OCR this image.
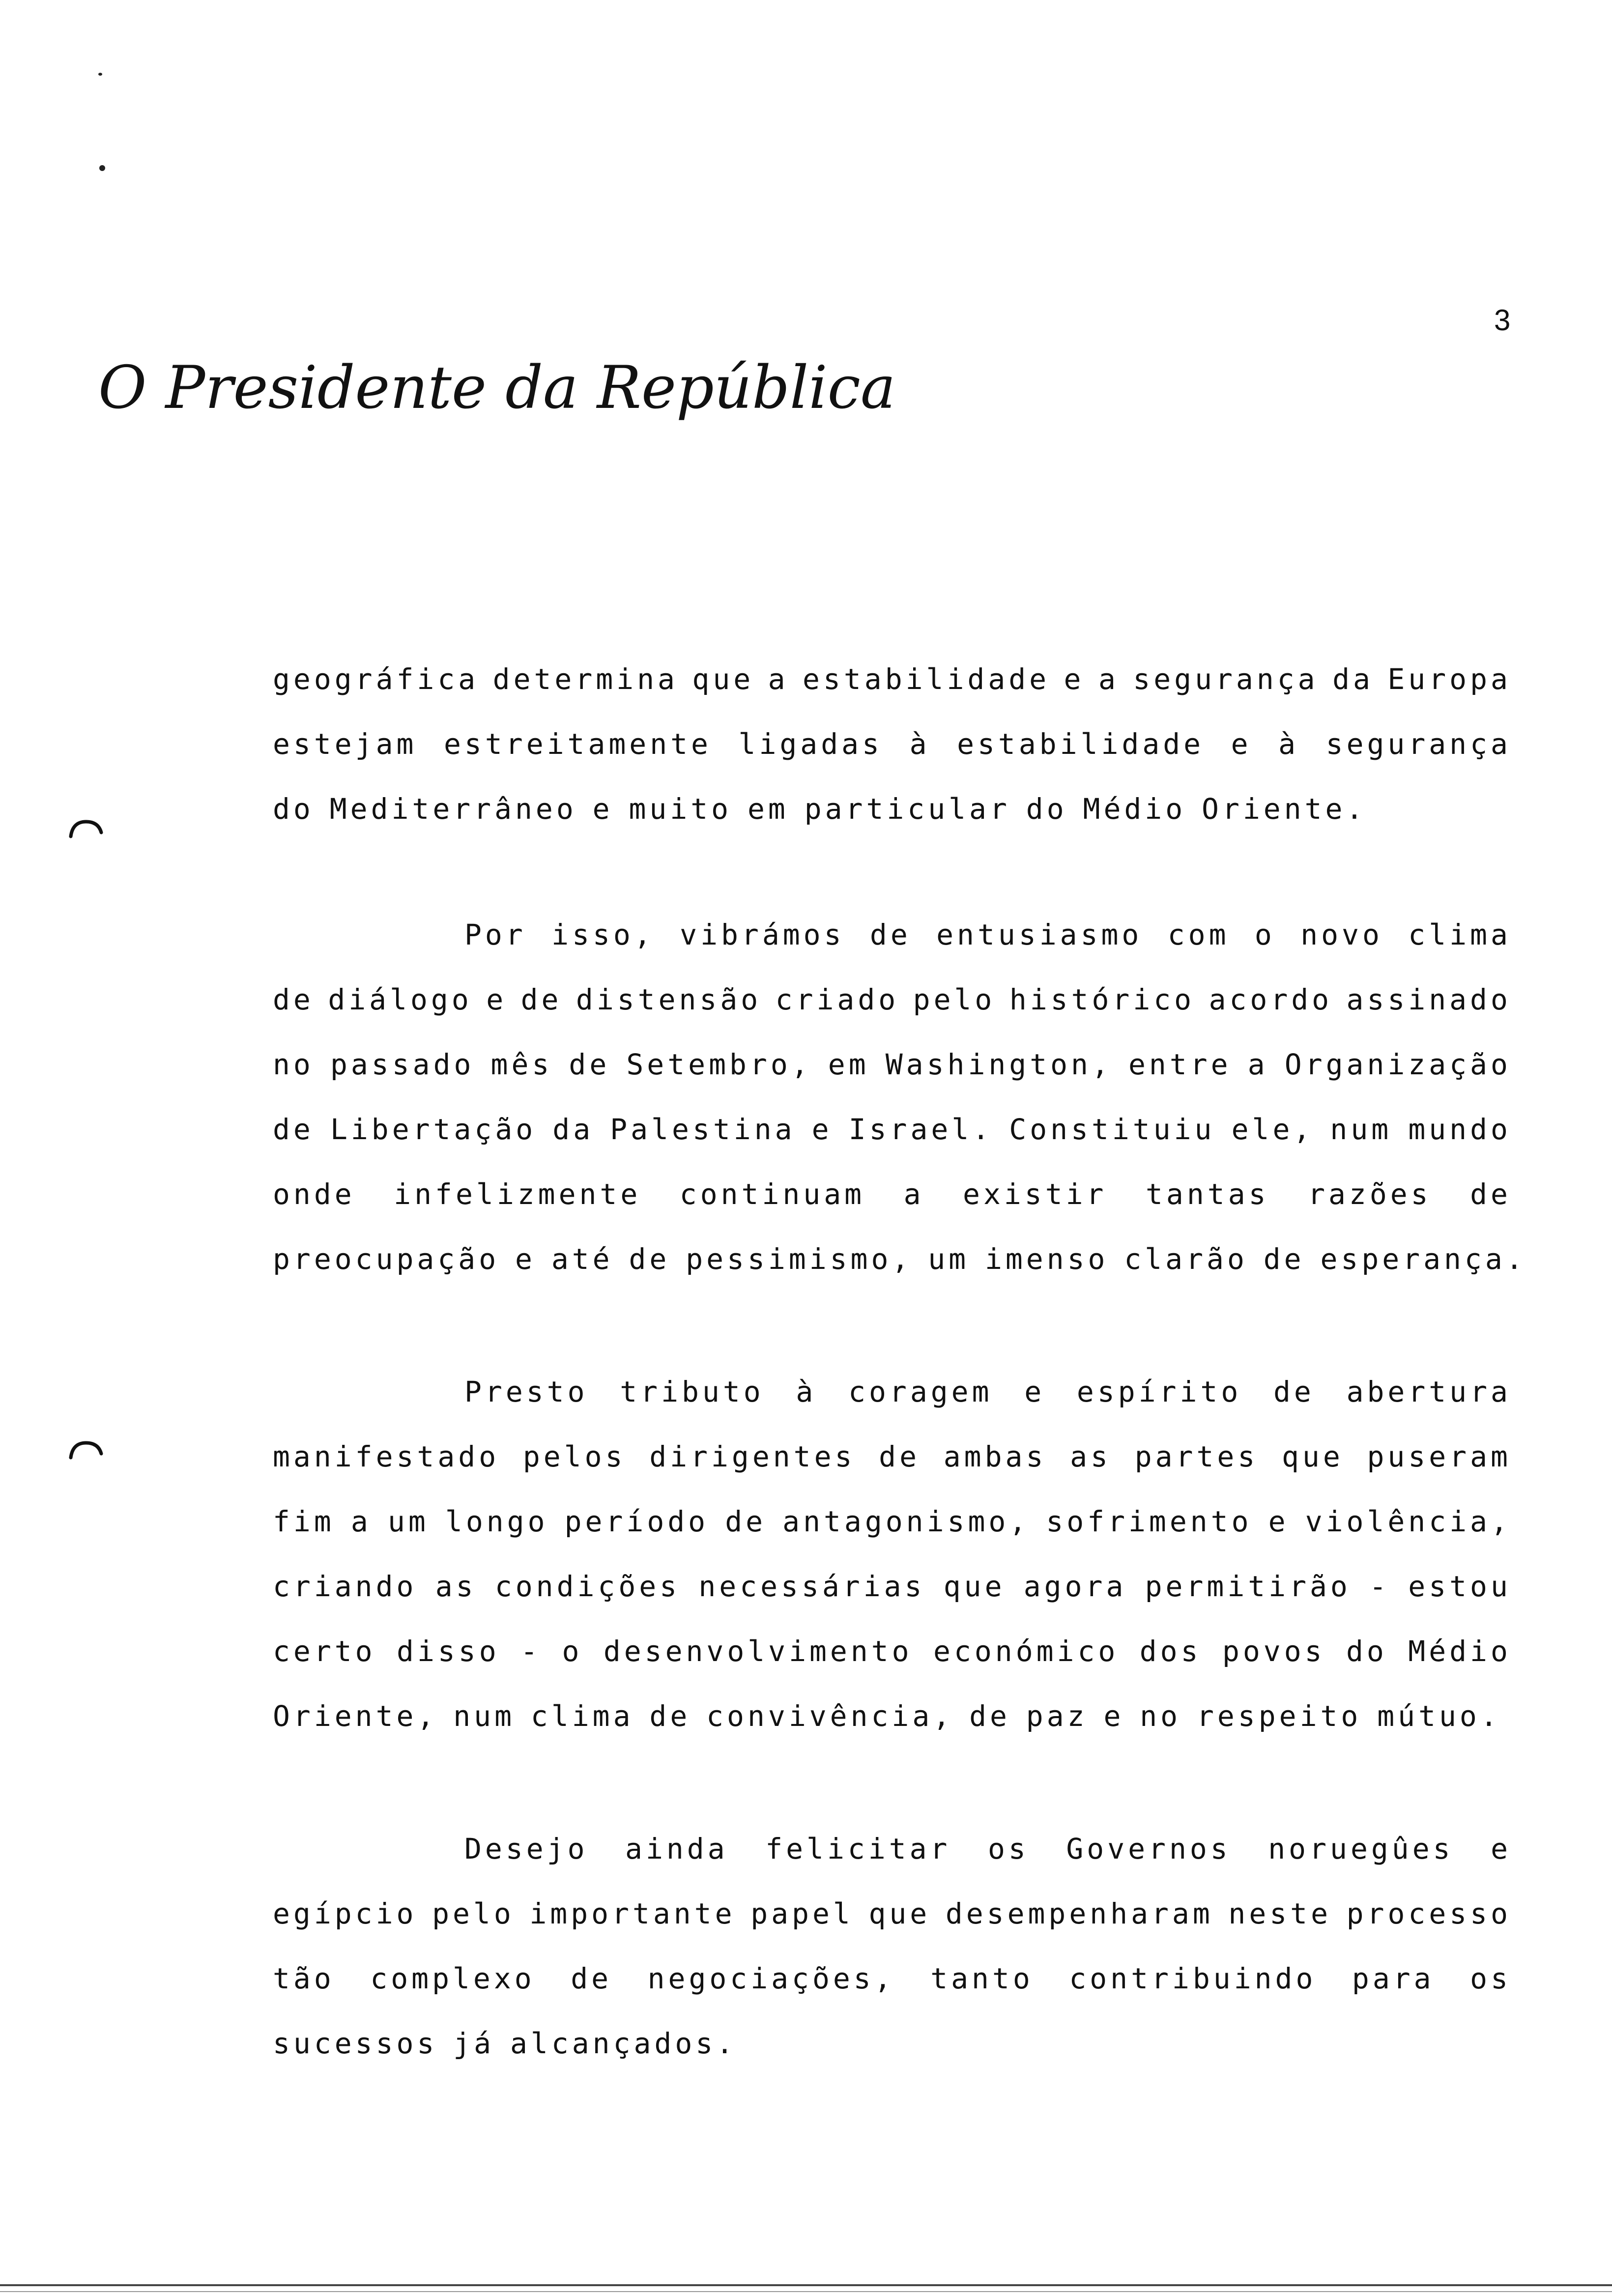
3
O Presidente da República
geográfica determina que a estabilidade e a segurança da Europa
estejam estreitamente ligadas à estabilidade e à segurança
do Mediterrâneo e muito em particular do Médio Oriente.
Por isso, vibrámos de entusiasmo com o novo clima
de diálogo e de distensão criado pelo histórico acordo assinado
no passado mês de Setembro, em Washington, entre a Organização
de Libertação da Palestina e Israel. Constituiu ele, num mundo
onde infelizmente continuam a existir tantas razões de
preocupação e até de pessimismo, um imenso clarão de esperança.
Presto tributo à coragem e espírito de abertura
manifestado pelos dirigentes de ambas as partes que puseram
fim a um longo período de antagonismo, sofrimento e violência,
criando as condições necessárias que agora permitirão - estou
certo disso - o desenvolvimento económico dos povos do Médio
Oriente, num clima de convivência, de paz e no respeito mútuo.
Desejo ainda felicitar os Governos noruegûes e
egípcio pelo importante papel que desempenharam neste processo
tão complexo de negociações, tanto contribuindo para os
sucessos já alcançados.
